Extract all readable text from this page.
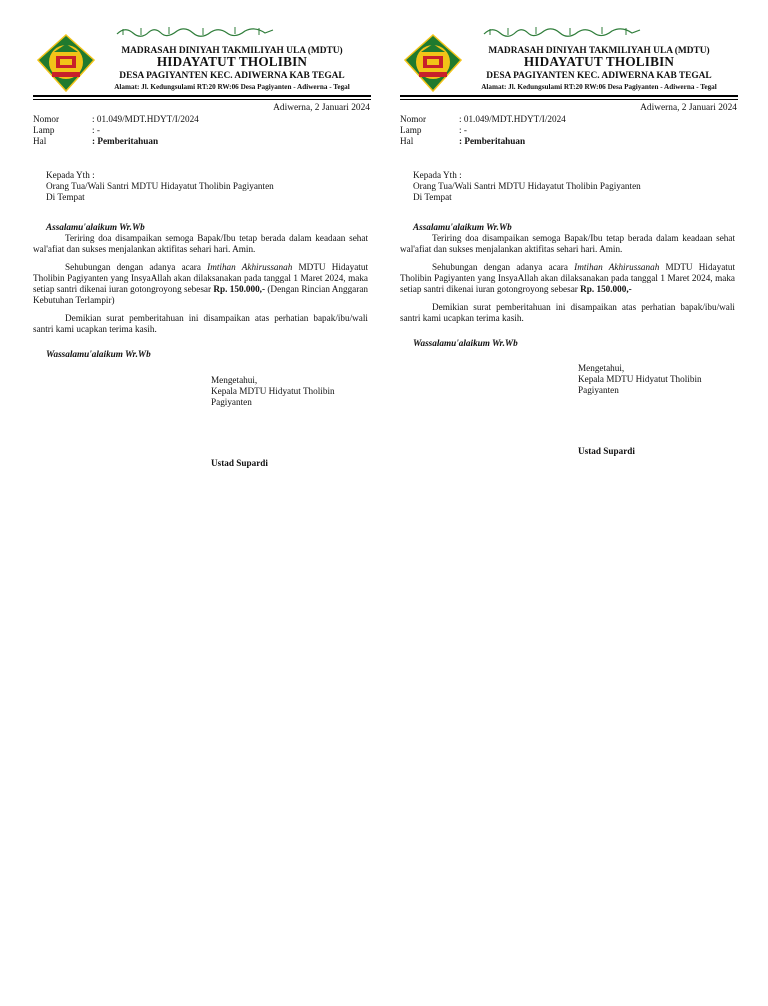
MADRASAH DINIYAH TAKMILIYAH ULA (MDTU)
HIDAYATUT THOLIBIN
DESA PAGIYANTEN KEC. ADIWERNA KAB TEGAL
Alamat: Jl. Kedungsulami RT:20 RW:06 Desa Pagiyanten - Adiwerna - Tegal
Adiwerna, 2 Januari 2024
Nomor	: 01.049/MDT.HDYT/I/2024
Lamp	: -
Hal	: Pemberitahuan
Kepada Yth :
Orang Tua/Wali Santri MDTU Hidayatut Tholibin Pagiyanten
Di Tempat
Assalamu'alaikum Wr.Wb

Teriring doa disampaikan semoga Bapak/Ibu tetap berada dalam keadaan sehat wal'afiat dan sukses menjalankan aktifitas sehari hari. Amin.

Sehubungan dengan adanya acara Imtihan Akhirussanah MDTU Hidayatut Tholibin Pagiyanten yang InsyaAllah akan dilaksanakan pada tanggal 1 Maret 2024, maka setiap santri dikenai iuran gotongroyong sebesar Rp. 150.000,- (Dengan Rincian Anggaran Kebutuhan Terlampir)

Demikian surat pemberitahuan ini disampaikan atas perhatian bapak/ibu/wali santri kami ucapkan terima kasih.

Wassalamu'alaikum Wr.Wb
Mengetahui,
Kepala MDTU Hidyatut Tholibin
Pagiyanten
Ustad Supardi
MADRASAH DINIYAH TAKMILIYAH ULA (MDTU)
HIDAYATUT THOLIBIN
DESA PAGIYANTEN KEC. ADIWERNA KAB TEGAL
Alamat: Jl. Kedungsulami RT:20 RW:06 Desa Pagiyanten - Adiwerna - Tegal
Adiwerna, 2 Januari 2024
Nomor	: 01.049/MDT.HDYT/I/2024
Lamp	: -
Hal	: Pemberitahuan
Kepada Yth :
Orang Tua/Wali Santri MDTU Hidayatut Tholibin Pagiyanten
Di Tempat
Assalamu'alaikum Wr.Wb

Teriring doa disampaikan semoga Bapak/Ibu tetap berada dalam keadaan sehat wal'afiat dan sukses menjalankan aktifitas sehari hari. Amin.

Sehubungan dengan adanya acara Imtihan Akhirussanah MDTU Hidayatut Tholibin Pagiyanten yang InsyaAllah akan dilaksanakan pada tanggal 1 Maret 2024, maka setiap santri dikenai iuran gotongroyong sebesar Rp. 150.000,-

Demikian surat pemberitahuan ini disampaikan atas perhatian bapak/ibu/wali santri kami ucapkan terima kasih.

Wassalamu'alaikum Wr.Wb
Mengetahui,
Kepala MDTU Hidyatut Tholibin
Pagiyanten
Ustad Supardi
